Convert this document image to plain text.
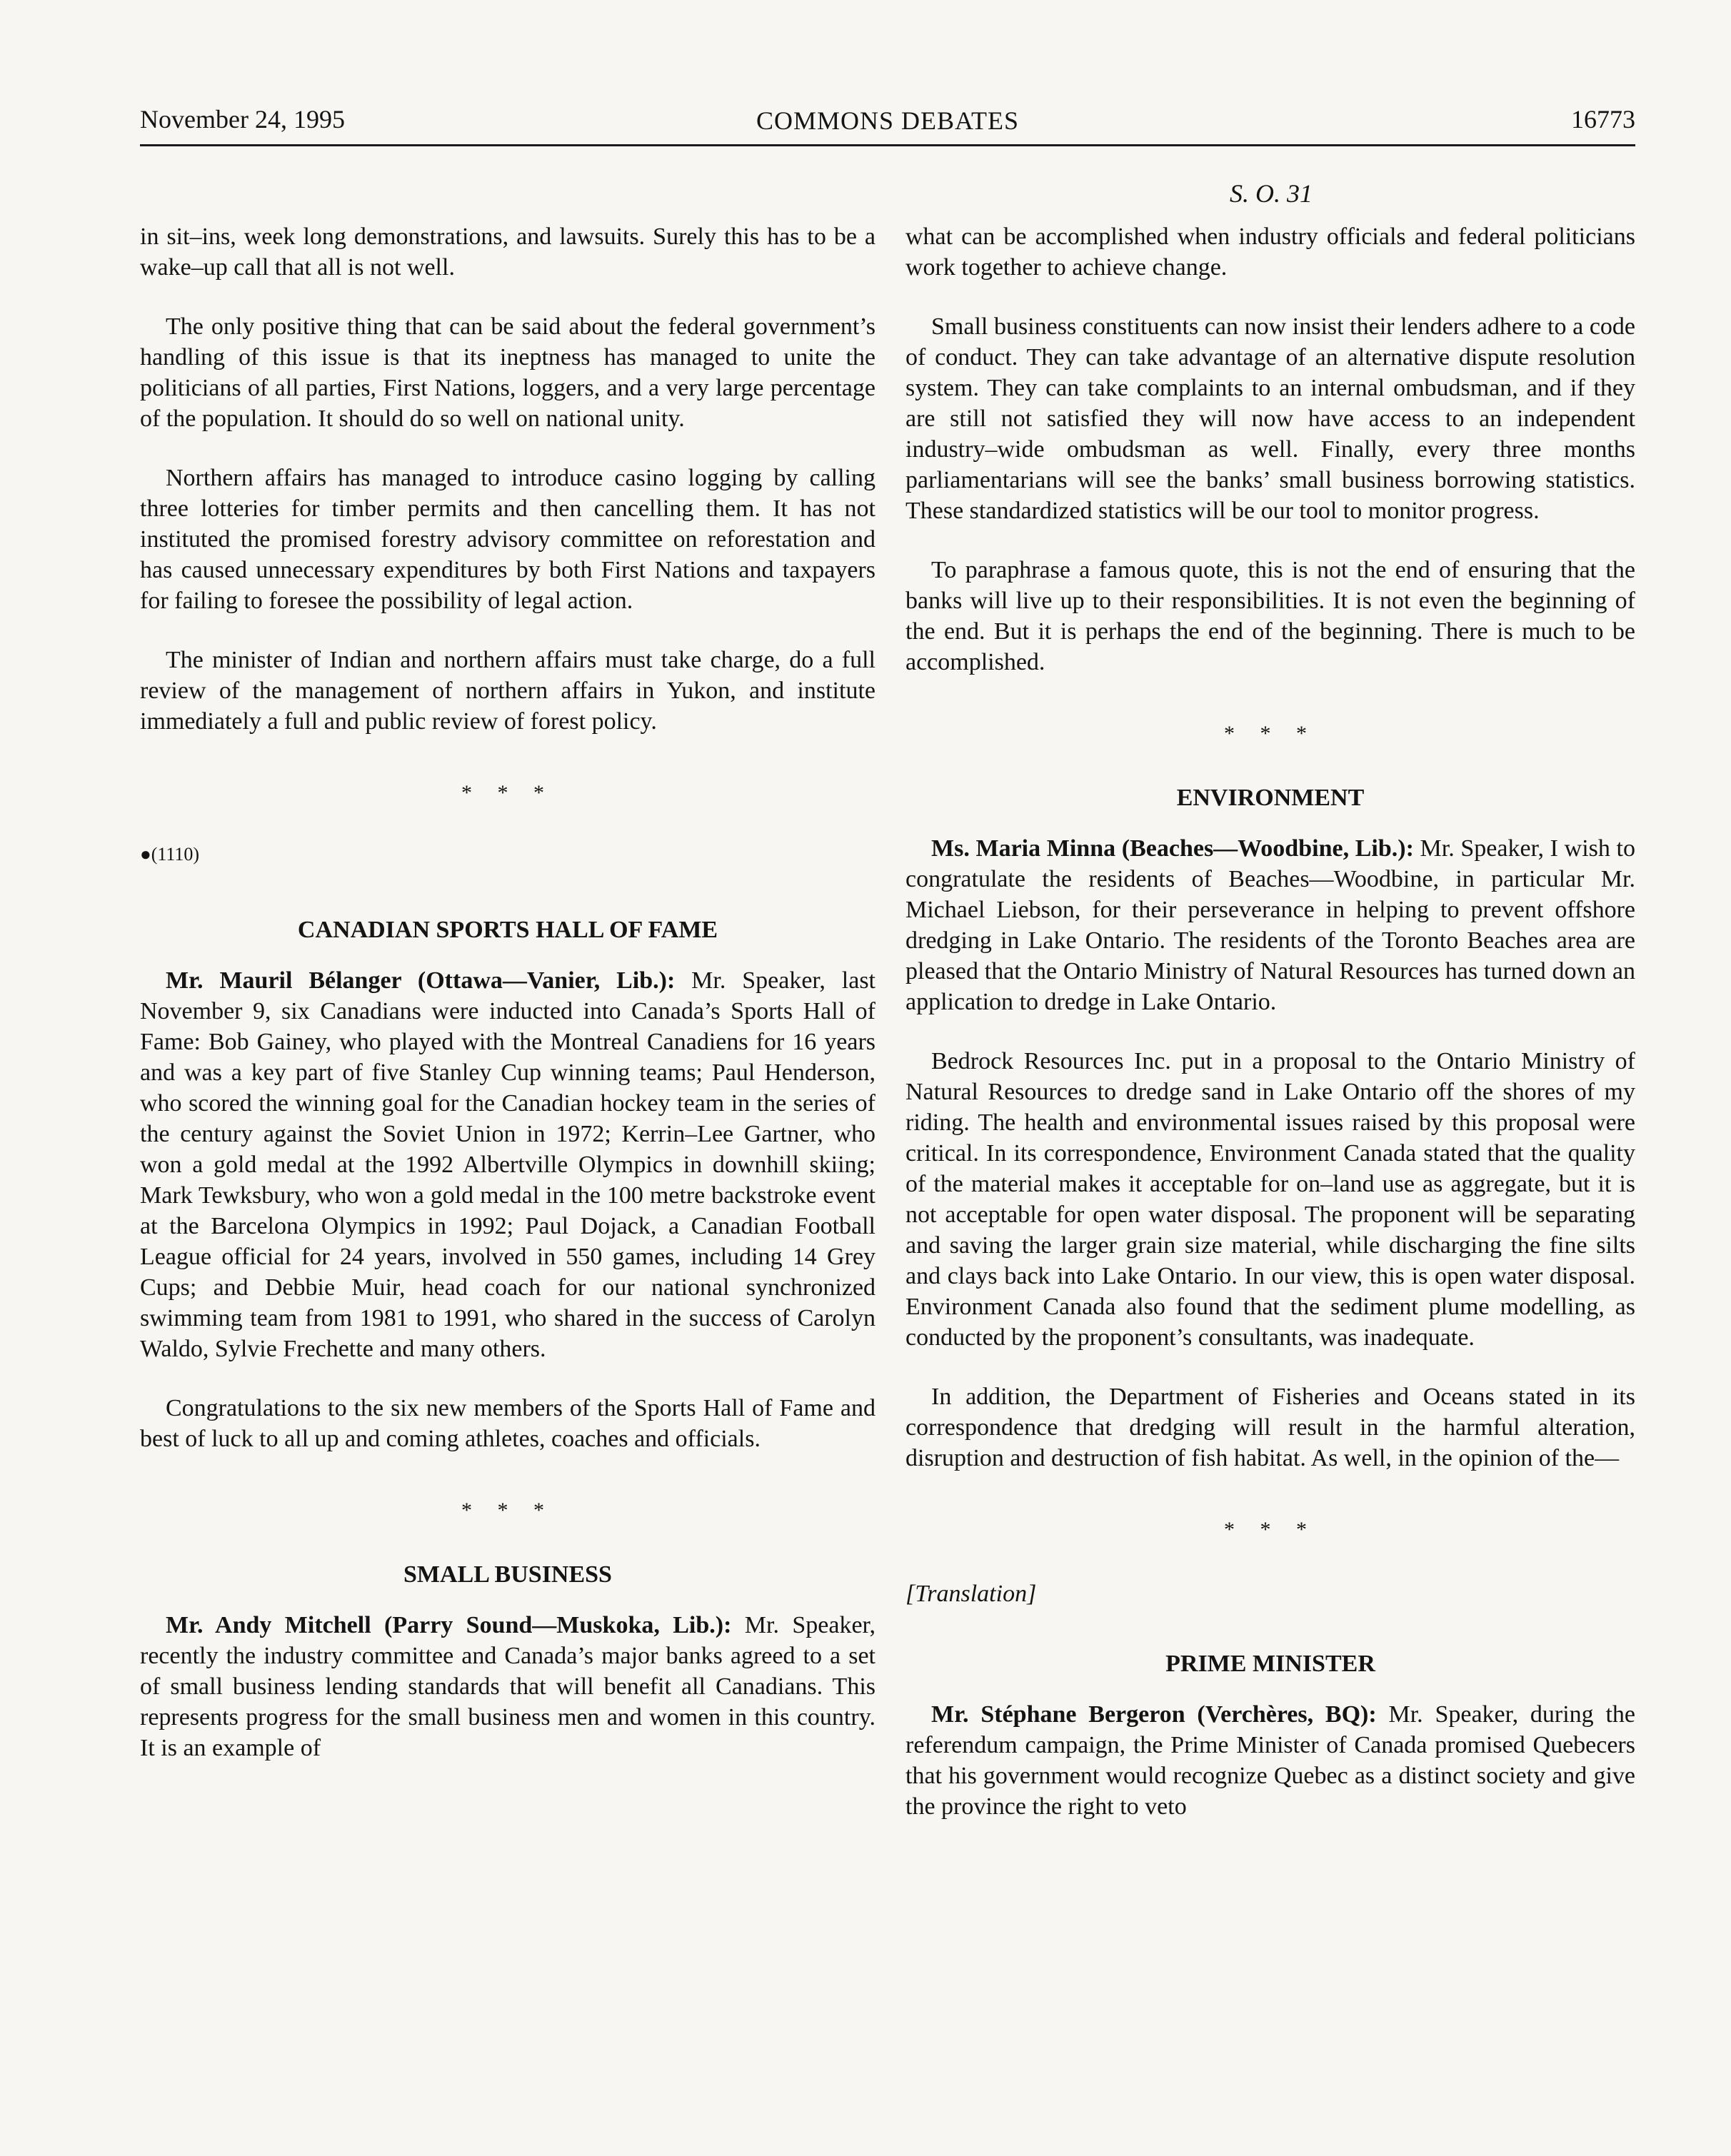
November 24, 1995	COMMONS DEBATES	16773
S. O. 31

in sit–ins, week long demonstrations, and lawsuits. Surely this has to be a wake–up call that all is not well.

The only positive thing that can be said about the federal government’s handling of this issue is that its ineptness has managed to unite the politicians of all parties, First Nations, loggers, and a very large percentage of the population. It should do so well on national unity.

Northern affairs has managed to introduce casino logging by calling three lotteries for timber permits and then cancelling them. It has not instituted the promised forestry advisory committee on reforestation and has caused unnecessary expenditures by both First Nations and taxpayers for failing to foresee the possibility of legal action.

The minister of Indian and northern affairs must take charge, do a full review of the management of northern affairs in Yukon, and institute immediately a full and public review of forest policy.

* * *
●(1110)
CANADIAN SPORTS HALL OF FAME

Mr. Mauril Bélanger (Ottawa—Vanier, Lib.): Mr. Speaker, last November 9, six Canadians were inducted into Canada’s Sports Hall of Fame: Bob Gainey, who played with the Montreal Canadiens for 16 years and was a key part of five Stanley Cup winning teams; Paul Henderson, who scored the winning goal for the Canadian hockey team in the series of the century against the Soviet Union in 1972; Kerrin–Lee Gartner, who won a gold medal at the 1992 Albertville Olympics in downhill skiing; Mark Tewksbury, who won a gold medal in the 100 metre backstroke event at the Barcelona Olympics in 1992; Paul Dojack, a Canadian Football League official for 24 years, involved in 550 games, including 14 Grey Cups; and Debbie Muir, head coach for our national synchronized swimming team from 1981 to 1991, who shared in the success of Carolyn Waldo, Sylvie Frechette and many others.

Congratulations to the six new members of the Sports Hall of Fame and best of luck to all up and coming athletes, coaches and officials.

* * *
SMALL BUSINESS

Mr. Andy Mitchell (Parry Sound—Muskoka, Lib.): Mr. Speaker, recently the industry committee and Canada’s major banks agreed to a set of small business lending standards that will benefit all Canadians. This represents progress for the small business men and women in this country. It is an example of

what can be accomplished when industry officials and federal politicians work together to achieve change.

Small business constituents can now insist their lenders adhere to a code of conduct. They can take advantage of an alternative dispute resolution system. They can take complaints to an internal ombudsman, and if they are still not satisfied they will now have access to an independent industry–wide ombudsman as well. Finally, every three months parliamentarians will see the banks’ small business borrowing statistics. These standardized statistics will be our tool to monitor progress.

To paraphrase a famous quote, this is not the end of ensuring that the banks will live up to their responsibilities. It is not even the beginning of the end. But it is perhaps the end of the beginning. There is much to be accomplished.

* * *
ENVIRONMENT

Ms. Maria Minna (Beaches—Woodbine, Lib.): Mr. Speaker, I wish to congratulate the residents of Beaches—Woodbine, in particular Mr. Michael Liebson, for their perseverance in helping to prevent offshore dredging in Lake Ontario. The residents of the Toronto Beaches area are pleased that the Ontario Ministry of Natural Resources has turned down an application to dredge in Lake Ontario.

Bedrock Resources Inc. put in a proposal to the Ontario Ministry of Natural Resources to dredge sand in Lake Ontario off the shores of my riding. The health and environmental issues raised by this proposal were critical. In its correspondence, Environment Canada stated that the quality of the material makes it acceptable for on–land use as aggregate, but it is not acceptable for open water disposal. The proponent will be separating and saving the larger grain size material, while discharging the fine silts and clays back into Lake Ontario. In our view, this is open water disposal. Environment Canada also found that the sediment plume modelling, as conducted by the proponent’s consultants, was inadequate.

In addition, the Department of Fisheries and Oceans stated in its correspondence that dredging will result in the harmful alteration, disruption and destruction of fish habitat. As well, in the opinion of the—

* * *
[Translation]
PRIME MINISTER

Mr. Stéphane Bergeron (Verchères, BQ): Mr. Speaker, during the referendum campaign, the Prime Minister of Canada promised Quebecers that his government would recognize Quebec as a distinct society and give the province the right to veto
